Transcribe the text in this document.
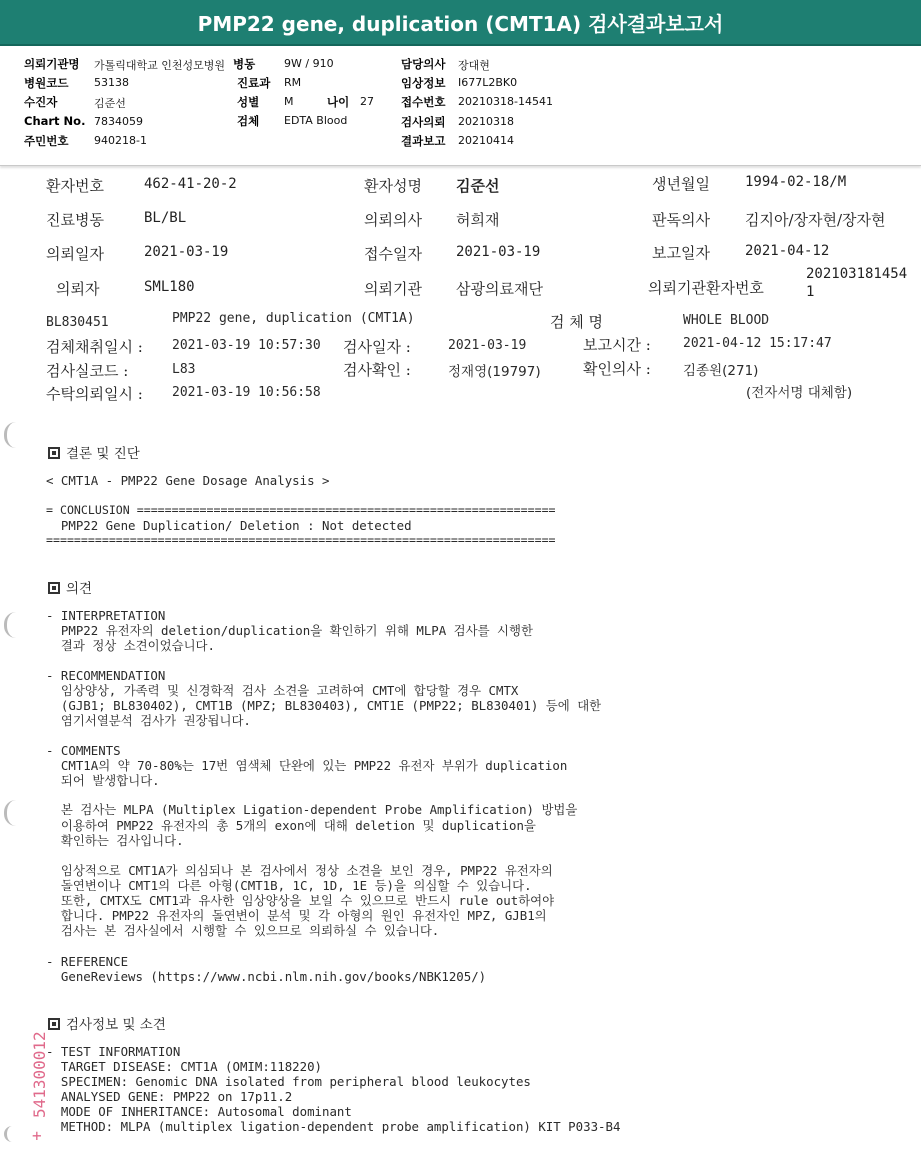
PMP22 gene, duplication (CMT1A) 검사결과보고서
의뢰기관명 가톨릭대학교 인천성모병원 병동	9W / 910	담당의사 장대현
병원코드 53138	진료과 RM	임상정보 I677L2BK0
수진자	김준선	성별 M	나이 27 접수번호 20210318-14541
Chart No. 7834059	검체 EDTA Blood	검사의뢰 20210318
주민번호 940218-1	결과보고 20210414
환자번호	462-41-20-2	환자성명 김준선	생년월일	1994-02-18/M
진료병동	BL/BL	의뢰의사 허희재	판독의사 김지아/장자현/장자현
의뢰일자	2021-03-19	접수일자 2021-03-19	보고일자	2021-04-12
의뢰자	SML180	의뢰기관 삼광의료재단	의뢰기관환자번호
202103181454
1
BL830451	PMP22 gene, duplication (CMT1A)	검 체 명	WHOLE BLOOD
검체채취일시 : 2021-03-19 10:57:30 검사일자 :	2021-03-19	보고시간 : 2021-04-12 15:17:47
검사실코드 :	L83	검사확인 :	정재영(19797)	확인의사 : 김종원(271)
수탁의뢰일시 : 2021-03-19 10:56:58	(전자서명 대체함)
결론 및 진단
< CMT1A - PMP22 Gene Dosage Analysis >
= CONCLUSION ============================================================
PMP22 Gene Duplication/ Deletion : Not detected
=========================================================================
의견
- INTERPRETATION
PMP22 유전자의 deletion/duplication을 확인하기 위해 MLPA 검사를 시행한
결과 정상 소견이었습니다.
- RECOMMENDATION
임상양상, 가족력 및 신경학적 검사 소견을 고려하여 CMT에 합당할 경우 CMTX
(GJB1; BL830402), CMT1B (MPZ; BL830403), CMT1E (PMP22; BL830401) 등에 대한
염기서열분석 검사가 권장됩니다.
- COMMENTS
CMT1A의 약 70-80%는 17번 염색체 단완에 있는 PMP22 유전자 부위가 duplication
되어 발생합니다.
본 검사는 MLPA (Multiplex Ligation-dependent Probe Amplification) 방법을
이용하여 PMP22 유전자의 총 5개의 exon에 대해 deletion 및 duplication을
확인하는 검사입니다.
임상적으로 CMT1A가 의심되나 본 검사에서 정상 소견을 보인 경우, PMP22 유전자의
돌연변이나 CMT1의 다른 아형(CMT1B, 1C, 1D, 1E 등)을 의심할 수 있습니다.
또한, CMTX도 CMT1과 유사한 임상양상을 보일 수 있으므로 반드시 rule out하여야
합니다. PMP22 유전자의 돌연변이 분석 및 각 아형의 원인 유전자인 MPZ, GJB1의
검사는 본 검사실에서 시행할 수 있으므로 의뢰하실 수 있습니다.
- REFERENCE
GeneReviews (https://www.ncbi.nlm.nih.gov/books/NBK1205/)
검사정보 및 소견
- TEST INFORMATION
TARGET DISEASE: CMT1A (OMIM:118220)
SPECIMEN: Genomic DNA isolated from peripheral blood leukocytes
ANALYSED GENE: PMP22 on 17p11.2
MODE OF INHERITANCE: Autosomal dominant
METHOD: MLPA (multiplex ligation-dependent probe amplification) KIT P033-B4
541300012
+
